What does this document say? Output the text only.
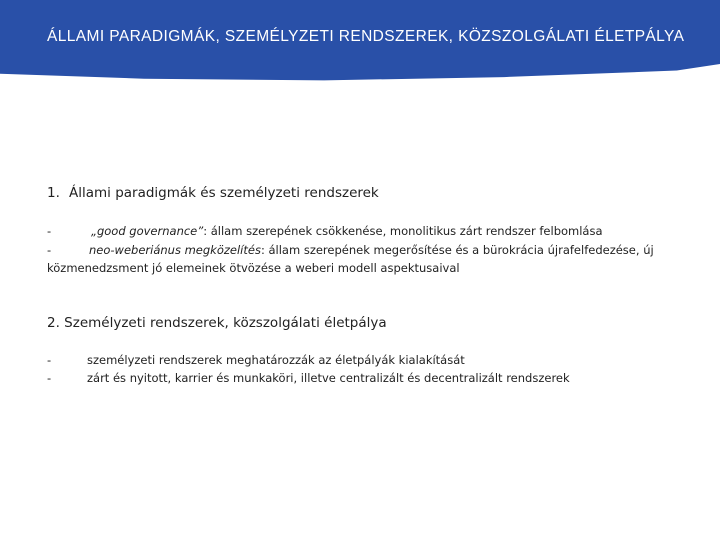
ÁLLAMI PARADIGMÁK, SZEMÉLYZETI RENDSZEREK, KÖZSZOLGÁLATI ÉLETPÁLYA

1. Állami paradigmák és személyzeti rendszerek

-	„good governance”: állam szerepének csökkenése, monolitikus zárt rendszer felbomlása
-	neo-weberiánus megközelítés: állam szerepének megerősítése és a bürokrácia újrafelfedezése, új közmenedzsment jó elemeinek ötvözése a weberi modell aspektusaival

2. Személyzeti rendszerek, közszolgálati életpálya

-	személyzeti rendszerek meghatározzák az életpályák kialakítását
-	zárt és nyitott, karrier és munkaköri, illetve centralizált és decentralizált rendszerek
